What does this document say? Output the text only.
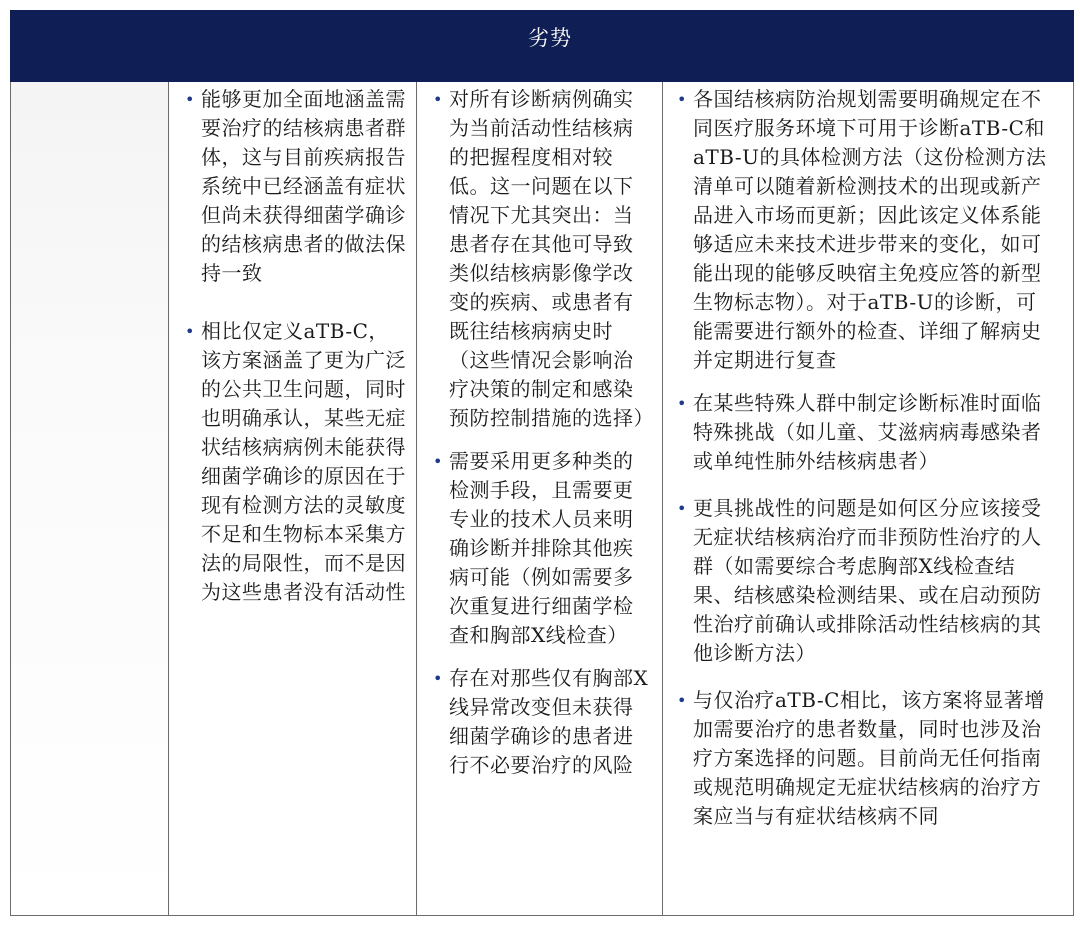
劣势
• 能够更加全面地涵盖需要治疗的结核病患者群体，这与目前疾病报告系统中已经涵盖有症状但尚未获得细菌学确诊的结核病患者的做法保持一致
• 相比仅定义aTB-C，该方案涵盖了更为广泛的公共卫生问题，同时也明确承认，某些无症状结核病病例未能获得细菌学确诊的原因在于现有检测方法的灵敏度不足和生物标本采集方法的局限性，而不是因为这些患者没有活动性
• 对所有诊断病例确实为当前活动性结核病的把握程度相对较低。这一问题在以下情况下尤其突出：当患者存在其他可导致类似结核病影像学改变的疾病、或患者有既往结核病病史时（这些情况会影响治疗决策的制定和感染预防控制措施的选择）
• 需要采用更多种类的检测手段，且需要更专业的技术人员来明确诊断并排除其他疾病可能（例如需要多次重复进行细菌学检查和胸部X线检查）
• 存在对那些仅有胸部X线异常改变但未获得细菌学确诊的患者进行不必要治疗的风险
• 各国结核病防治规划需要明确规定在不同医疗服务环境下可用于诊断aTB-C和aTB-U的具体检测方法（这份检测方法清单可以随着新检测技术的出现或新产品进入市场而更新；因此该定义体系能够适应未来技术进步带来的变化，如可能出现的能够反映宿主免疫应答的新型生物标志物）。对于aTB-U的诊断，可能需要进行额外的检查、详细了解病史并定期进行复查
• 在某些特殊人群中制定诊断标准时面临特殊挑战（如儿童、艾滋病病毒感染者或单纯性肺外结核病患者）
• 更具挑战性的问题是如何区分应该接受无症状结核病治疗而非预防性治疗的人群（如需要综合考虑胸部X线检查结果、结核感染检测结果、或在启动预防性治疗前确认或排除活动性结核病的其他诊断方法）
• 与仅治疗aTB-C相比，该方案将显著增加需要治疗的患者数量，同时也涉及治疗方案选择的问题。目前尚无任何指南或规范明确规定无症状结核病的治疗方案应当与有症状结核病不同
